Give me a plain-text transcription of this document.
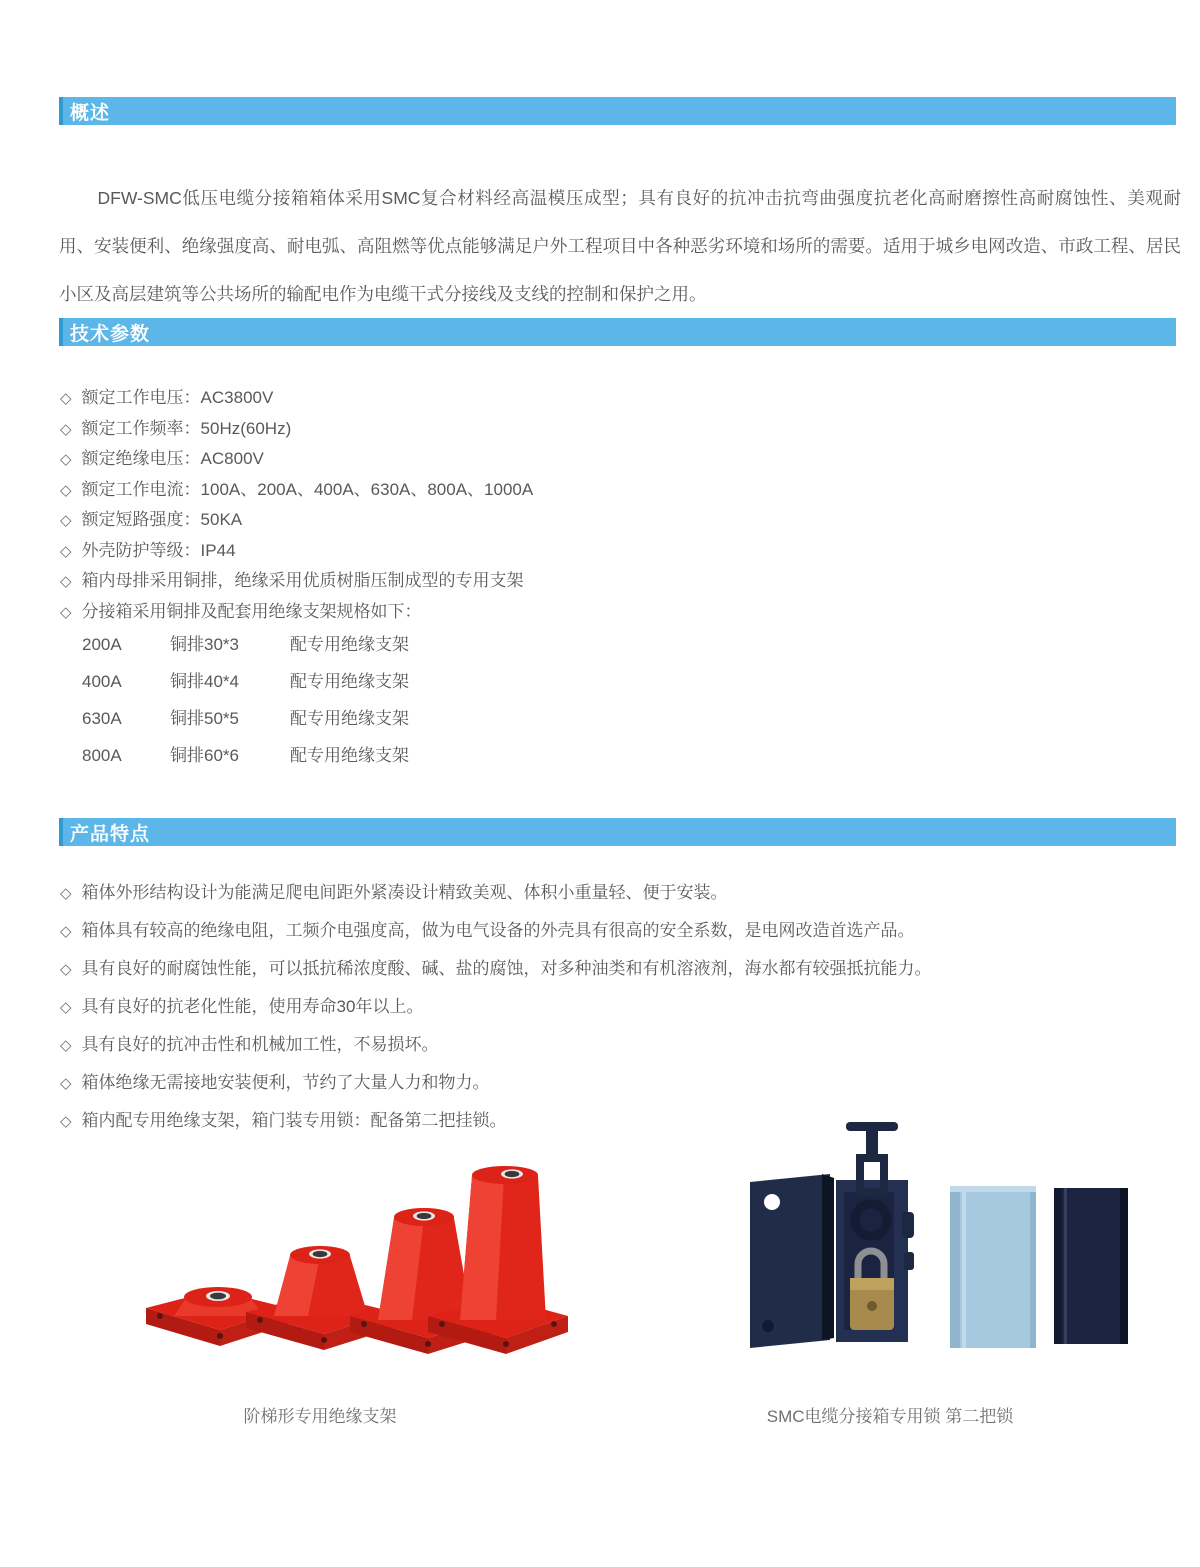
概述

DFW-SMC低压电缆分接箱箱体采用SMC复合材料经高温模压成型；具有良好的抗冲击抗弯曲强度抗老化高耐磨擦性高耐腐蚀性、美观耐用、安装便利、绝缘强度高、耐电弧、高阻燃等优点能够满足户外工程项目中各种恶劣环境和场所的需要。适用于城乡电网改造、市政工程、居民小区及高层建筑等公共场所的输配电作为电缆干式分接线及支线的控制和保护之用。

技术参数
◇ 额定工作电压：AC3800V
◇ 额定工作频率：50Hz(60Hz)
◇ 额定绝缘电压：AC800V
◇ 额定工作电流：100A、200A、400A、630A、800A、1000A
◇ 额定短路强度：50KA
◇ 外壳防护等级：IP44
◇ 箱内母排采用铜排，绝缘采用优质树脂压制成型的专用支架
◇ 分接箱采用铜排及配套用绝缘支架规格如下：
200A	铜排30*3	配专用绝缘支架
400A	铜排40*4	配专用绝缘支架
630A	铜排50*5	配专用绝缘支架
800A	铜排60*6	配专用绝缘支架
产品特点
◇ 箱体外形结构设计为能满足爬电间距外紧凑设计精致美观、体积小重量轻、便于安装。
◇ 箱体具有较高的绝缘电阻，工频介电强度高，做为电气设备的外壳具有很高的安全系数，是电网改造首选产品。
◇ 具有良好的耐腐蚀性能，可以抵抗稀浓度酸、碱、盐的腐蚀，对多种油类和有机溶液剂，海水都有较强抵抗能力。
◇ 具有良好的抗老化性能，使用寿命30年以上。
◇ 具有良好的抗冲击性和机械加工性，不易损坏。
◇ 箱体绝缘无需接地安装便利，节约了大量人力和物力。
◇ 箱内配专用绝缘支架，箱门装专用锁：配备第二把挂锁。
阶梯形专用绝缘支架	SMC电缆分接箱专用锁 第二把锁
